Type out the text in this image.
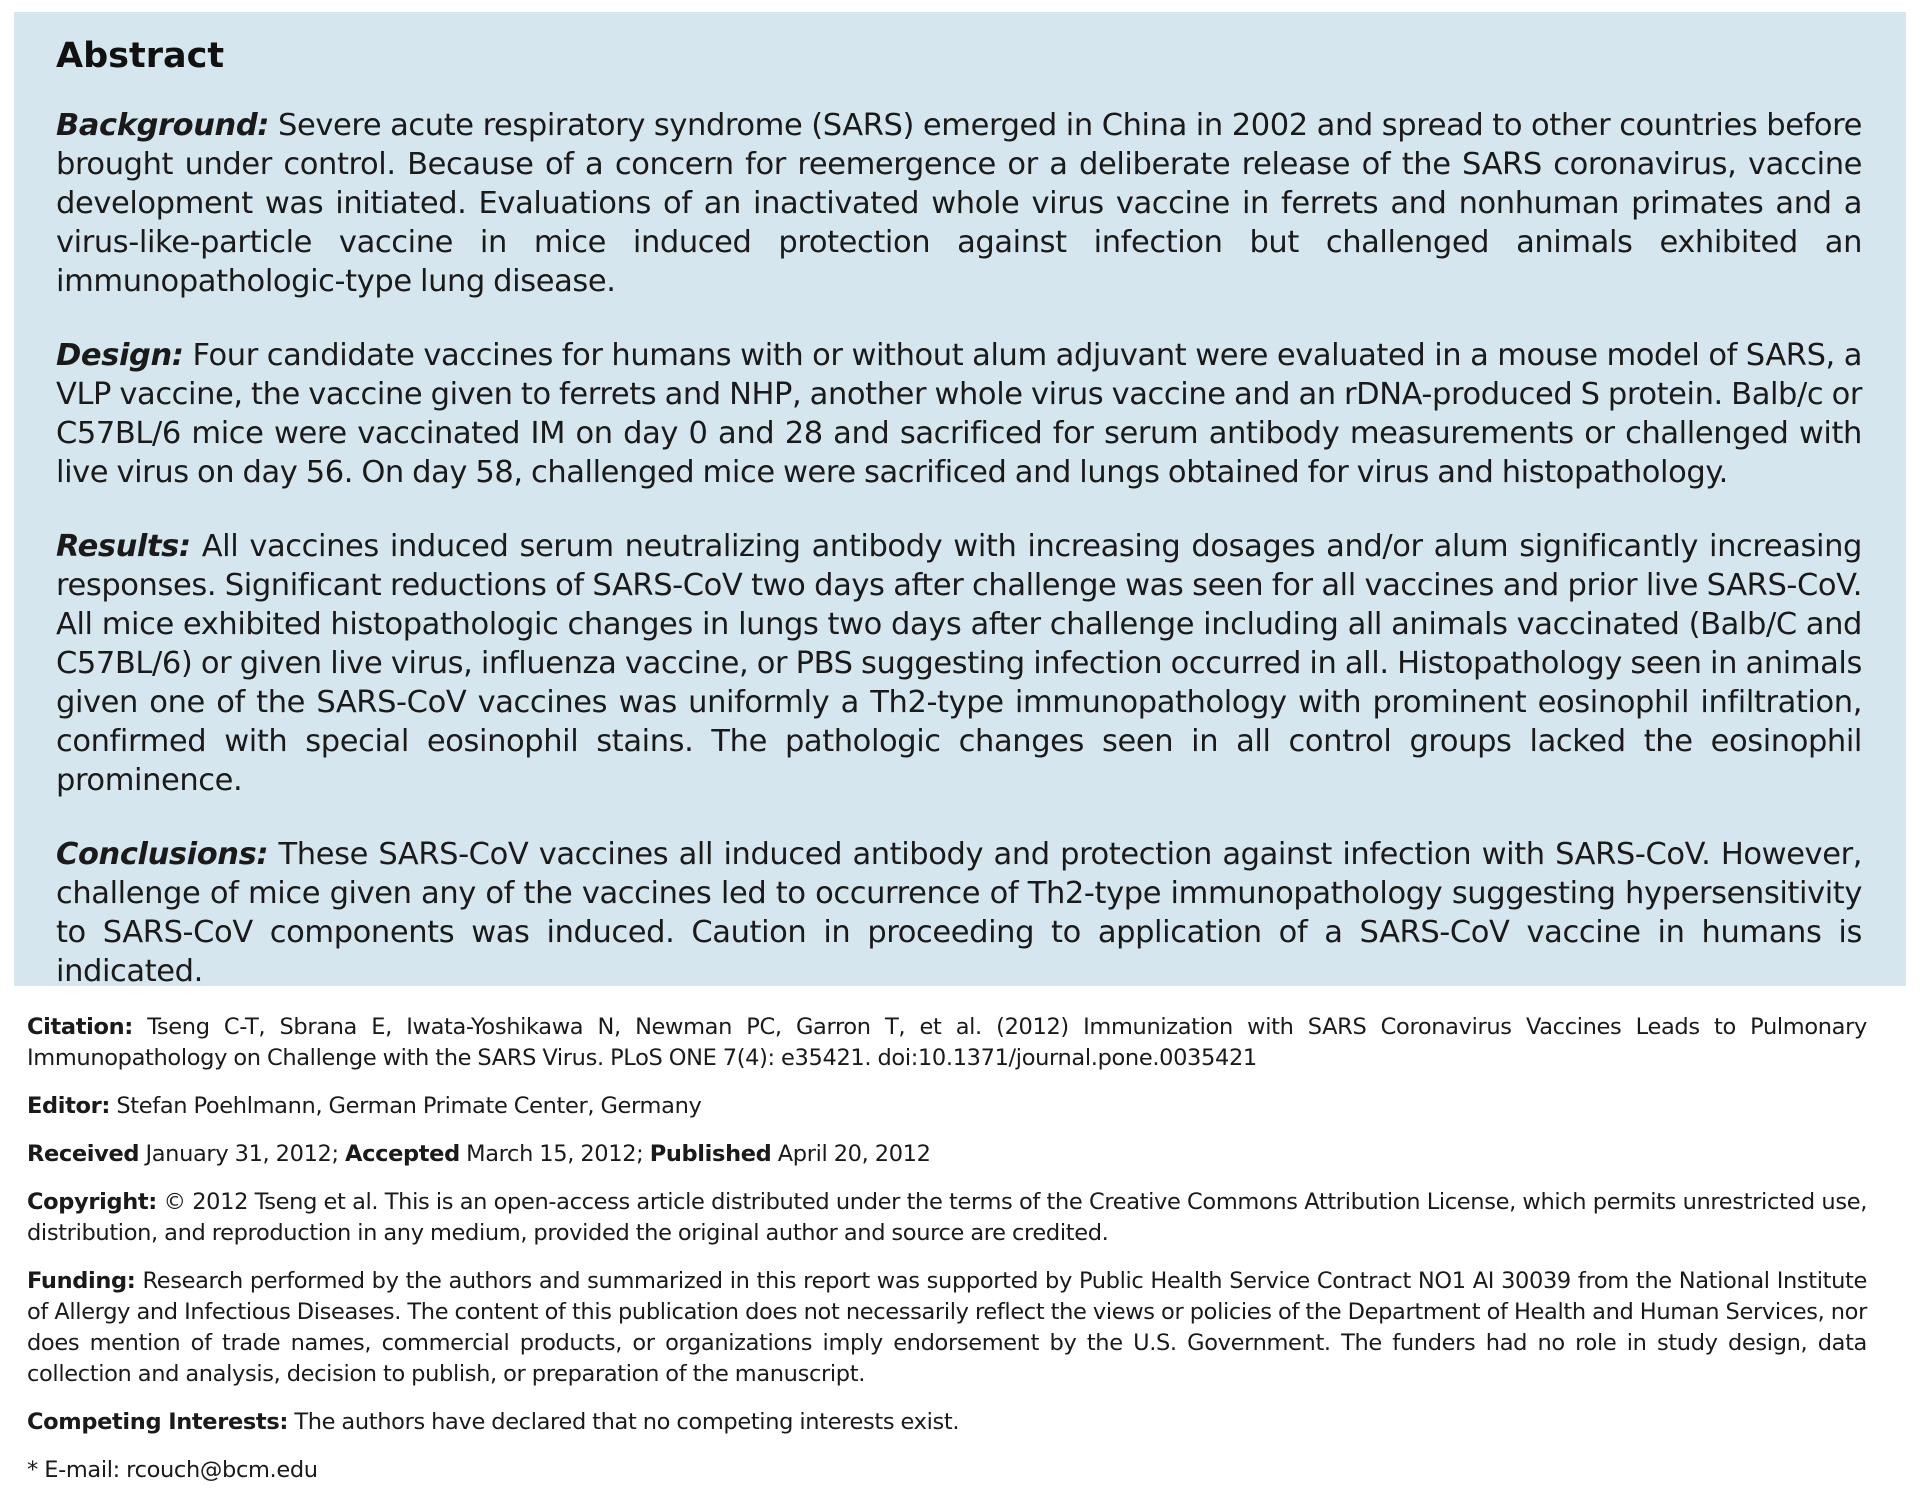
Abstract

Background: Severe acute respiratory syndrome (SARS) emerged in China in 2002 and spread to other countries before brought under control. Because of a concern for reemergence or a deliberate release of the SARS coronavirus, vaccine development was initiated. Evaluations of an inactivated whole virus vaccine in ferrets and nonhuman primates and a virus-like-particle vaccine in mice induced protection against infection but challenged animals exhibited an immunopathologic-type lung disease.

Design: Four candidate vaccines for humans with or without alum adjuvant were evaluated in a mouse model of SARS, a VLP vaccine, the vaccine given to ferrets and NHP, another whole virus vaccine and an rDNA-produced S protein. Balb/c or C57BL/6 mice were vaccinated IM on day 0 and 28 and sacrificed for serum antibody measurements or challenged with live virus on day 56. On day 58, challenged mice were sacrificed and lungs obtained for virus and histopathology.

Results: All vaccines induced serum neutralizing antibody with increasing dosages and/or alum significantly increasing responses. Significant reductions of SARS-CoV two days after challenge was seen for all vaccines and prior live SARS-CoV. All mice exhibited histopathologic changes in lungs two days after challenge including all animals vaccinated (Balb/C and C57BL/6) or given live virus, influenza vaccine, or PBS suggesting infection occurred in all. Histopathology seen in animals given one of the SARS-CoV vaccines was uniformly a Th2-type immunopathology with prominent eosinophil infiltration, confirmed with special eosinophil stains. The pathologic changes seen in all control groups lacked the eosinophil prominence.

Conclusions: These SARS-CoV vaccines all induced antibody and protection against infection with SARS-CoV. However, challenge of mice given any of the vaccines led to occurrence of Th2-type immunopathology suggesting hypersensitivity to SARS-CoV components was induced. Caution in proceeding to application of a SARS-CoV vaccine in humans is indicated.

Citation: Tseng C-T, Sbrana E, Iwata-Yoshikawa N, Newman PC, Garron T, et al. (2012) Immunization with SARS Coronavirus Vaccines Leads to Pulmonary Immunopathology on Challenge with the SARS Virus. PLoS ONE 7(4): e35421. doi:10.1371/journal.pone.0035421

Editor: Stefan Poehlmann, German Primate Center, Germany

Received January 31, 2012; Accepted March 15, 2012; Published April 20, 2012

Copyright: © 2012 Tseng et al. This is an open-access article distributed under the terms of the Creative Commons Attribution License, which permits unrestricted use, distribution, and reproduction in any medium, provided the original author and source are credited.

Funding: Research performed by the authors and summarized in this report was supported by Public Health Service Contract NO1 AI 30039 from the National Institute of Allergy and Infectious Diseases. The content of this publication does not necessarily reflect the views or policies of the Department of Health and Human Services, nor does mention of trade names, commercial products, or organizations imply endorsement by the U.S. Government. The funders had no role in study design, data collection and analysis, decision to publish, or preparation of the manuscript.

Competing Interests: The authors have declared that no competing interests exist.

* E-mail: rcouch@bcm.edu
